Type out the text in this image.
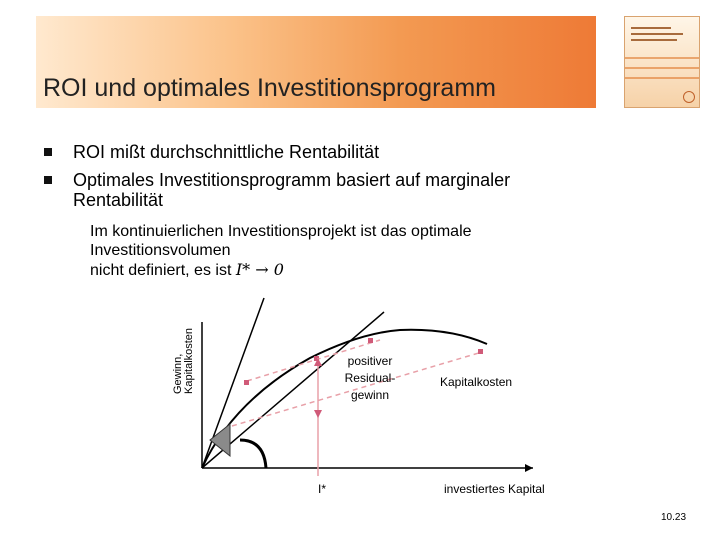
ROI und optimales Investitionsprogramm
ROI mißt durchschnittliche Rentabilität
Optimales Investitionsprogramm basiert auf marginaler Rentabilität
Im kontinuierlichen Investitionsprojekt ist das optimale
Investitionsvolumen
nicht definiert, es ist I* → 0
Gewinn, Kapitalkosten	positiver
Residual-
gewinn
Kapitalkosten
I*	investiertes Kapital
10.23
